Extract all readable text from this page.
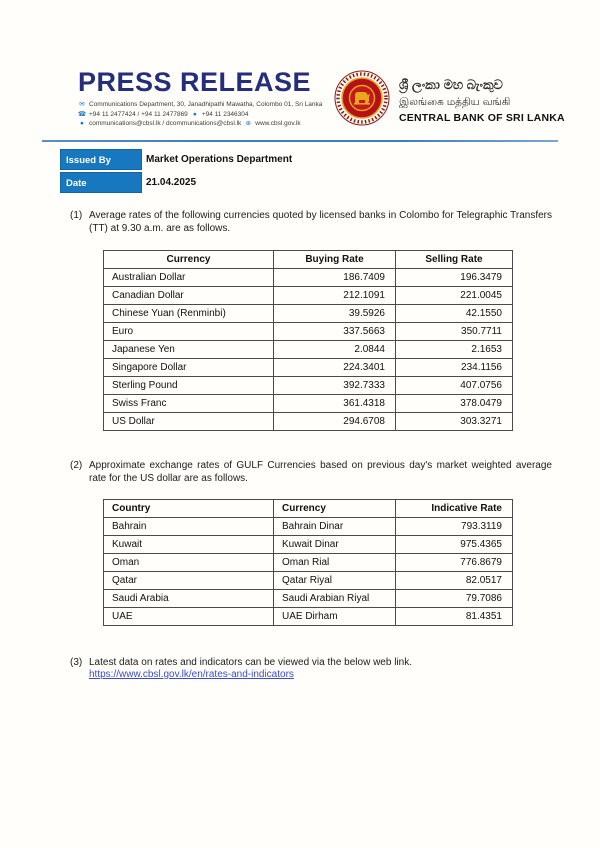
PRESS RELEASE
✉ Communications Department, 30, Janadhipathi Mawatha, Colombo 01, Sri Lanka
☎ +94 11 2477424 / +94 11 2477869 ● +94 11 2346304
● communications@cbsl.lk / dcommunications@cbsl.lk ⊕ www.cbsl.gov.lk
ශ්‍රී ලංකා මහ බැංකුව
இலங்கை மத்திய வங்கி
CENTRAL BANK OF SRI LANKA
Issued By	Market Operations Department
Date	21.04.2025
(1) Average rates of the following currencies quoted by licensed banks in Colombo for Telegraphic Transfers (TT) at 9.30 a.m. are as follows.
Currency	Buying Rate	Selling Rate
Australian Dollar	186.7409	196.3479
Canadian Dollar	212.1091	221.0045
Chinese Yuan (Renminbi)	39.5926	42.1550
Euro	337.5663	350.7711
Japanese Yen	2.0844	2.1653
Singapore Dollar	224.3401	234.1156
Sterling Pound	392.7333	407.0756
Swiss Franc	361.4318	378.0479
US Dollar	294.6708	303.3271
(2) Approximate exchange rates of GULF Currencies based on previous day's market weighted average rate for the US dollar are as follows.
Country	Currency	Indicative Rate
Bahrain	Bahrain Dinar	793.3119
Kuwait	Kuwait Dinar	975.4365
Oman	Oman Rial	776.8679
Qatar	Qatar Riyal	82.0517
Saudi Arabia	Saudi Arabian Riyal	79.7086
UAE	UAE Dirham	81.4351
(3) Latest data on rates and indicators can be viewed via the below web link.
https://www.cbsl.gov.lk/en/rates-and-indicators
